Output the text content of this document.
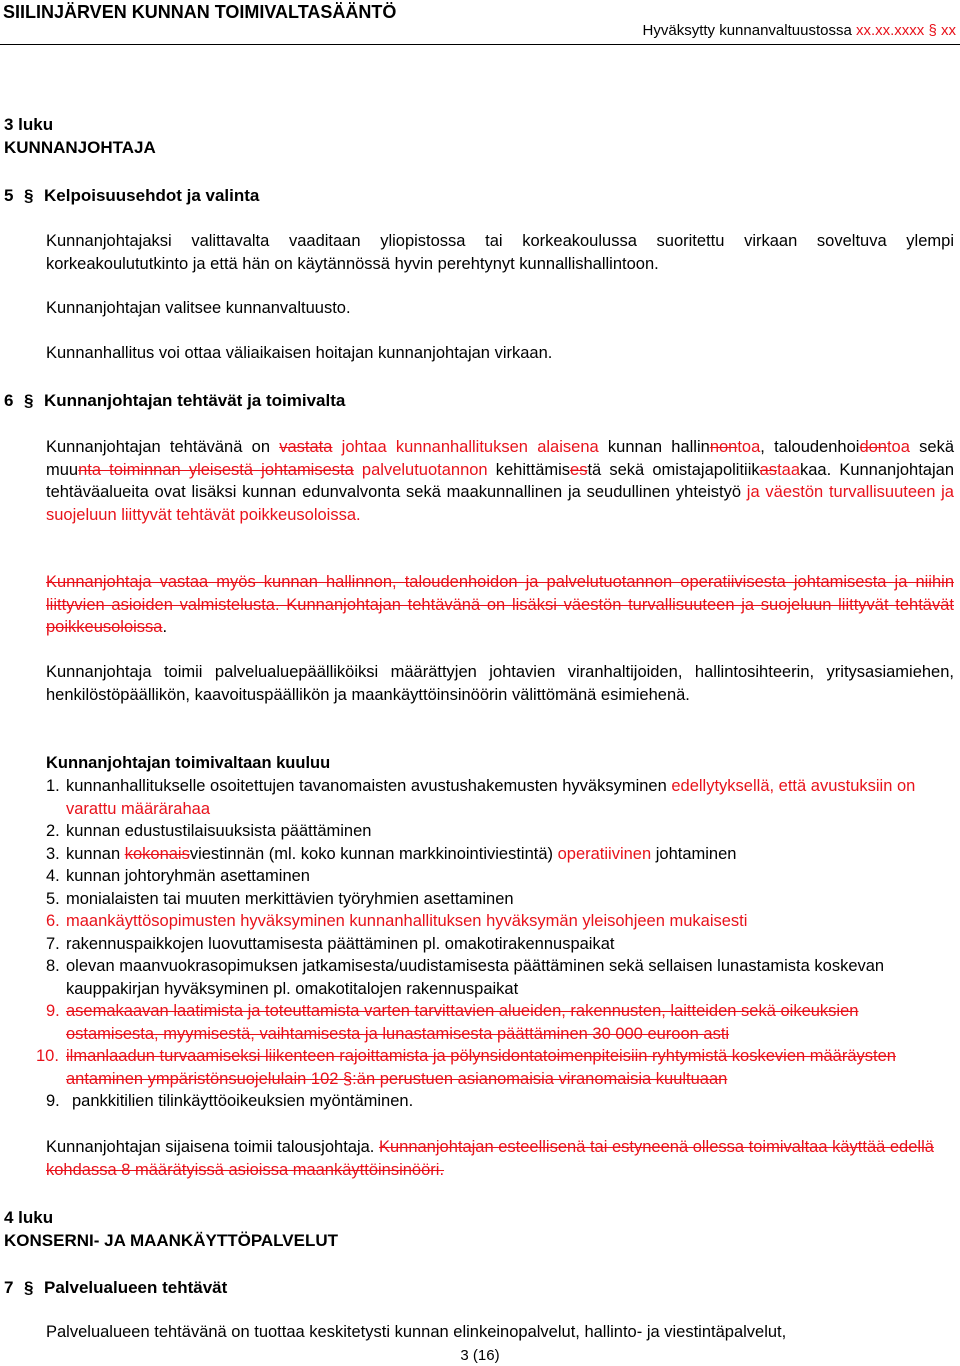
SIILINJÄRVEN KUNNAN TOIMIVALTASÄÄNTÖ
Hyväksytty kunnanvaltuustossa xx.xx.xxxx § xx
3 luku
KUNNANJOHTAJA
5 § Kelpoisuusehdot ja valinta
Kunnanjohtajaksi valittavalta vaaditaan yliopistossa tai korkeakoulussa suoritettu virkaan soveltuva ylempi korkeakoulututkinto ja että hän on käytännössä hyvin perehtynyt kunnallishallintoon.
Kunnanjohtajan valitsee kunnanvaltuusto.
Kunnanhallitus voi ottaa väliaikaisen hoitajan kunnanjohtajan virkaan.
6 § Kunnanjohtajan tehtävät ja toimivalta
Kunnanjohtajan tehtävänä on vastata johtaa kunnanhallituksen alaisena kunnan hallinnontoa, taloudenhoidontoa sekä muunta toiminnan yleisestä johtamisesta palvelutuotannon kehittämisestä sekä omistajapolitiikastaakaa. Kunnanjohtajan tehtäväalueita ovat lisäksi kunnan edunvalvonta sekä maakunnallinen ja seudullinen yhteistyö ja väestön turvallisuuteen ja suojeluun liittyvät tehtävät poikkeusoloissa.
Kunnanjohtaja vastaa myös kunnan hallinnon, taloudenhoidon ja palvelutuotannon operatiivisesta johtamisesta ja niihin liittyvien asioiden valmistelusta. Kunnanjohtajan tehtävänä on lisäksi väestön turvallisuuteen ja suojeluun liittyvät tehtävät poikkeusoloissa.
Kunnanjohtaja toimii palvelualuepäälliköiksi määrättyjen johtavien viranhaltijoiden, hallintosihteerin, yritysasiamiehen, henkilöstöpäällikön, kaavoituspäällikön ja maankäyttöinsinöörin välittömänä esimiehenä.
Kunnanjohtajan toimivaltaan kuuluu
1. kunnanhallitukselle osoitettujen tavanomaisten avustushakemusten hyväksyminen edellytyksellä, että avustuksiin on varattu määrärahaa
2. kunnan edustustilaisuuksista päättäminen
3. kunnan kokonaisviestinnän (ml. koko kunnan markkinointiviestintä) operatiivinen johtaminen
4. kunnan johtoryhmän asettaminen
5. monialaisten tai muuten merkittävien työryhmien asettaminen
6. maankäyttösopimusten hyväksyminen kunnanhallituksen hyväksymän yleisohjeen mukaisesti
7. rakennuspaikkojen luovuttamisesta päättäminen pl. omakotirakennuspaikat
8. olevan maanvuokrasopimuksen jatkamisesta/uudistamisesta päättäminen sekä sellaisen lunastamista koskevan kauppakirjan hyväksyminen pl. omakotitalojen rakennuspaikat
9. asemakaavan laatimista ja toteuttamista varten tarvittavien alueiden, rakennusten, laitteiden sekä oikeuksien ostamisesta, myymisestä, vaihtamisesta ja lunastamisesta päättäminen 30 000 euroon asti
10. ilmanlaadun turvaamiseksi liikenteen rajoittamista ja pölynsidontatoimenpiteisiin ryhtymistä koskevien määräysten antaminen ympäristönsuojelulain 102 §:än perustuen asianomaisia viranomaisia kuultuaan
9. pankkitilien tilinkäyttöoikeuksien myöntäminen.
Kunnanjohtajan sijaisena toimii talousjohtaja. Kunnanjohtajan esteellisenä tai estyneenä ollessa toimivaltaa käyttää edellä kohdassa 8 määrätyissä asioissa maankäyttöinsinööri.
4 luku
KONSERNI- JA MAANKÄYTTÖPALVELUT
7 § Palvelualueen tehtävät
Palvelualueen tehtävänä on tuottaa keskitetysti kunnan elinkeinopalvelut, hallinto- ja viestintäpalvelut,
3 (16)
